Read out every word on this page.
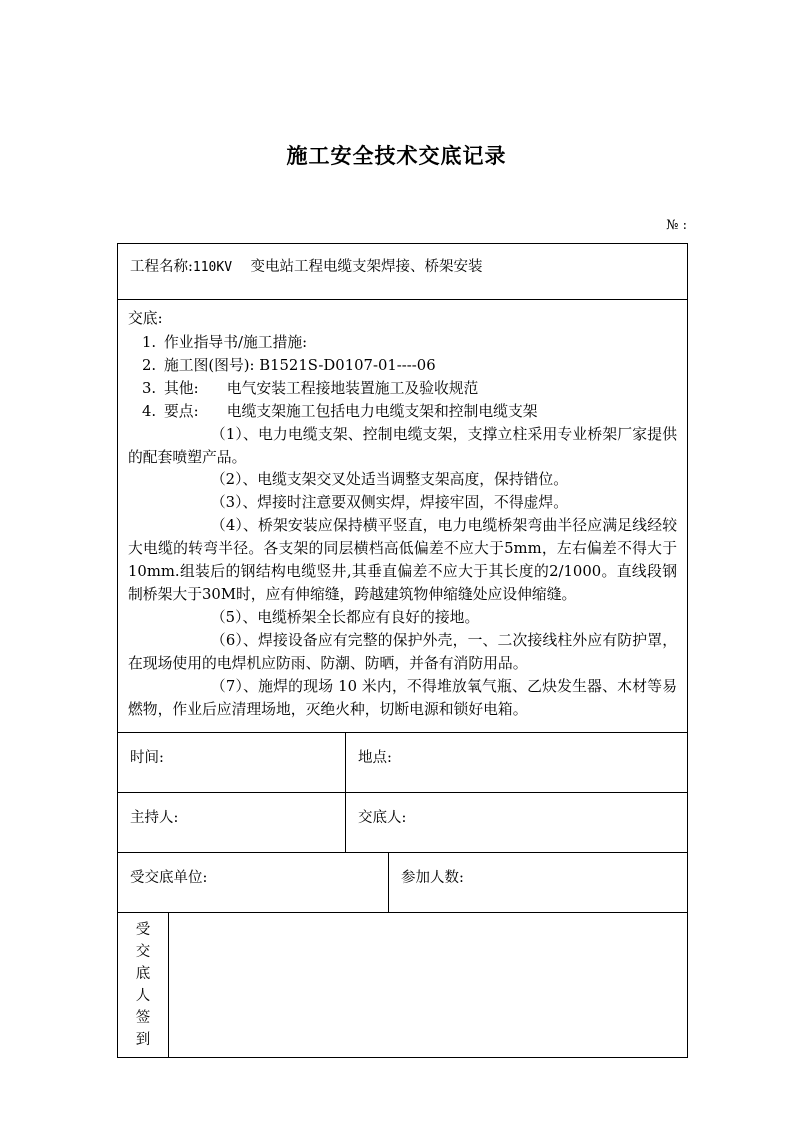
施工安全技术交底记录
№ :
工程名称:110KV 变电站工程电缆支架焊接、桥架安装			

交底:
1. 作业指导书/施工措施:
2. 施工图(图号): B1521S-D0107-01----06
3. 其他:      电气安装工程接地装置施工及验收规范
4. 要点:      电缆支架施工包括电力电缆支架和控制电缆支架

（1）、电力电缆支架、控制电缆支架，支撑立柱采用专业桥架厂家提供的配套喷塑产品。

（2）、电缆支架交叉处适当调整支架高度，保持错位。

（3）、焊接时注意要双侧实焊，焊接牢固，不得虚焊。

（4）、桥架安装应保持横平竖直，电力电缆桥架弯曲半径应满足线经较大电缆的转弯半径。各支架的同层横档高低偏差不应大于5mm，左右偏差不得大于10mm.组装后的钢结构电缆竖井,其垂直偏差不应大于其长度的2/1000。直线段钢制桥架大于30M时，应有伸缩缝，跨越建筑物伸缩缝处应设伸缩缝。

（5）、电缆桥架全长都应有良好的接地。

（6）、焊接设备应有完整的保护外壳，一、二次接线柱外应有防护罩，在现场使用的电焊机应防雨、防潮、防晒，并备有消防用品。

（7）、施焊的现场 10 米内，不得堆放氧气瓶、乙炔发生器、木材等易燃物，作业后应清理场地，灭绝火种，切断电源和锁好电箱。

时间:		地点:	
主持人:		交底人:	
受交底单位:			参加人数:

受
交
底
人
签
到
